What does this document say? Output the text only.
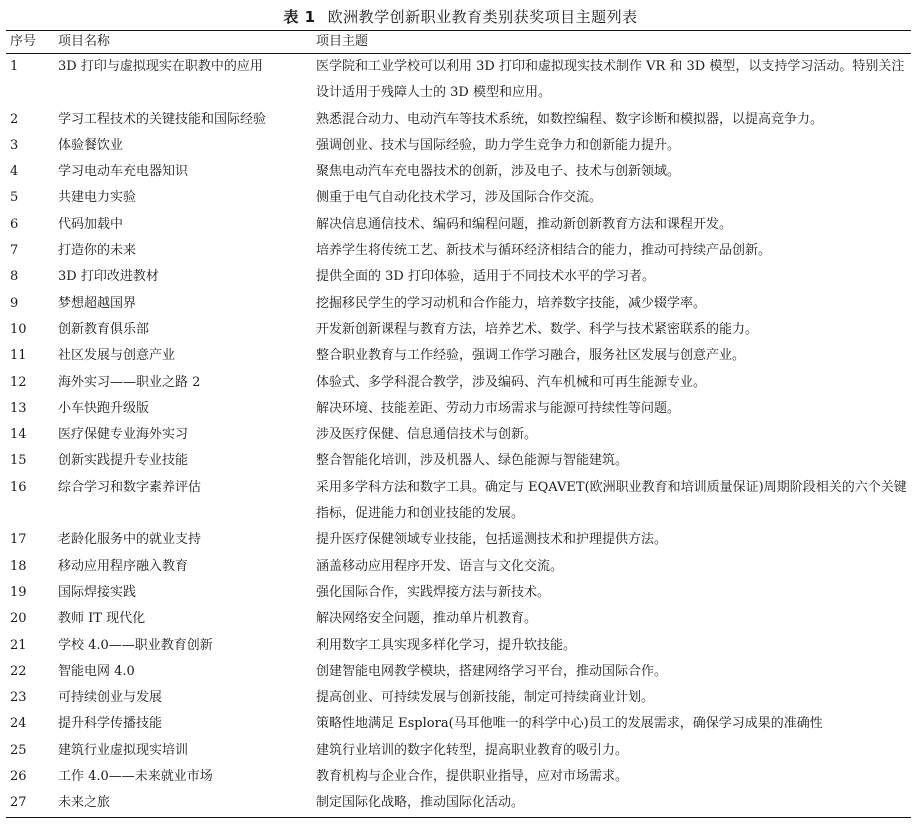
表 1 欧洲教学创新职业教育类别获奖项目主题列表
序号	项目名称	项目主题
1	3D 打印与虚拟现实在职教中的应用	医学院和工业学校可以利用 3D 打印和虚拟现实技术制作 VR 和 3D 模型，以支持学习活动。特别关注设计适用于残障人士的 3D 模型和应用。
2	学习工程技术的关键技能和国际经验	熟悉混合动力、电动汽车等技术系统，如数控编程、数字诊断和模拟器，以提高竞争力。
3	体验餐饮业	强调创业、技术与国际经验，助力学生竞争力和创新能力提升。
4	学习电动车充电器知识	聚焦电动汽车充电器技术的创新，涉及电子、技术与创新领域。
5	共建电力实验	侧重于电气自动化技术学习，涉及国际合作交流。
6	代码加载中	解决信息通信技术、编码和编程问题，推动新创新教育方法和课程开发。
7	打造你的未来	培养学生将传统工艺、新技术与循环经济相结合的能力，推动可持续产品创新。
8	3D 打印改进教材	提供全面的 3D 打印体验，适用于不同技术水平的学习者。
9	梦想超越国界	挖掘移民学生的学习动机和合作能力，培养数字技能，减少辍学率。
10	创新教育俱乐部	开发新创新课程与教育方法，培养艺术、数学、科学与技术紧密联系的能力。
11	社区发展与创意产业	整合职业教育与工作经验，强调工作学习融合，服务社区发展与创意产业。
12	海外实习——职业之路 2	体验式、多学科混合教学，涉及编码、汽车机械和可再生能源专业。
13	小车快跑升级版	解决环境、技能差距、劳动力市场需求与能源可持续性等问题。
14	医疗保健专业海外实习	涉及医疗保健、信息通信技术与创新。
15	创新实践提升专业技能	整合智能化培训，涉及机器人、绿色能源与智能建筑。
16	综合学习和数字素养评估	采用多学科方法和数字工具。确定与 EQAVET(欧洲职业教育和培训质量保证)周期阶段相关的六个关键指标，促进能力和创业技能的发展。
17	老龄化服务中的就业支持	提升医疗保健领域专业技能，包括遥测技术和护理提供方法。
18	移动应用程序融入教育	涵盖移动应用程序开发、语言与文化交流。
19	国际焊接实践	强化国际合作，实践焊接方法与新技术。
20	教师 IT 现代化	解决网络安全问题，推动单片机教育。
21	学校 4.0——职业教育创新	利用数字工具实现多样化学习，提升软技能。
22	智能电网 4.0	创建智能电网教学模块，搭建网络学习平台，推动国际合作。
23	可持续创业与发展	提高创业、可持续发展与创新技能，制定可持续商业计划。
24	提升科学传播技能	策略性地满足 Esplora(马耳他唯一的科学中心)员工的发展需求，确保学习成果的准确性
25	建筑行业虚拟现实培训	建筑行业培训的数字化转型，提高职业教育的吸引力。
26	工作 4.0——未来就业市场	教育机构与企业合作，提供职业指导，应对市场需求。
27	未来之旅	制定国际化战略，推动国际化活动。
